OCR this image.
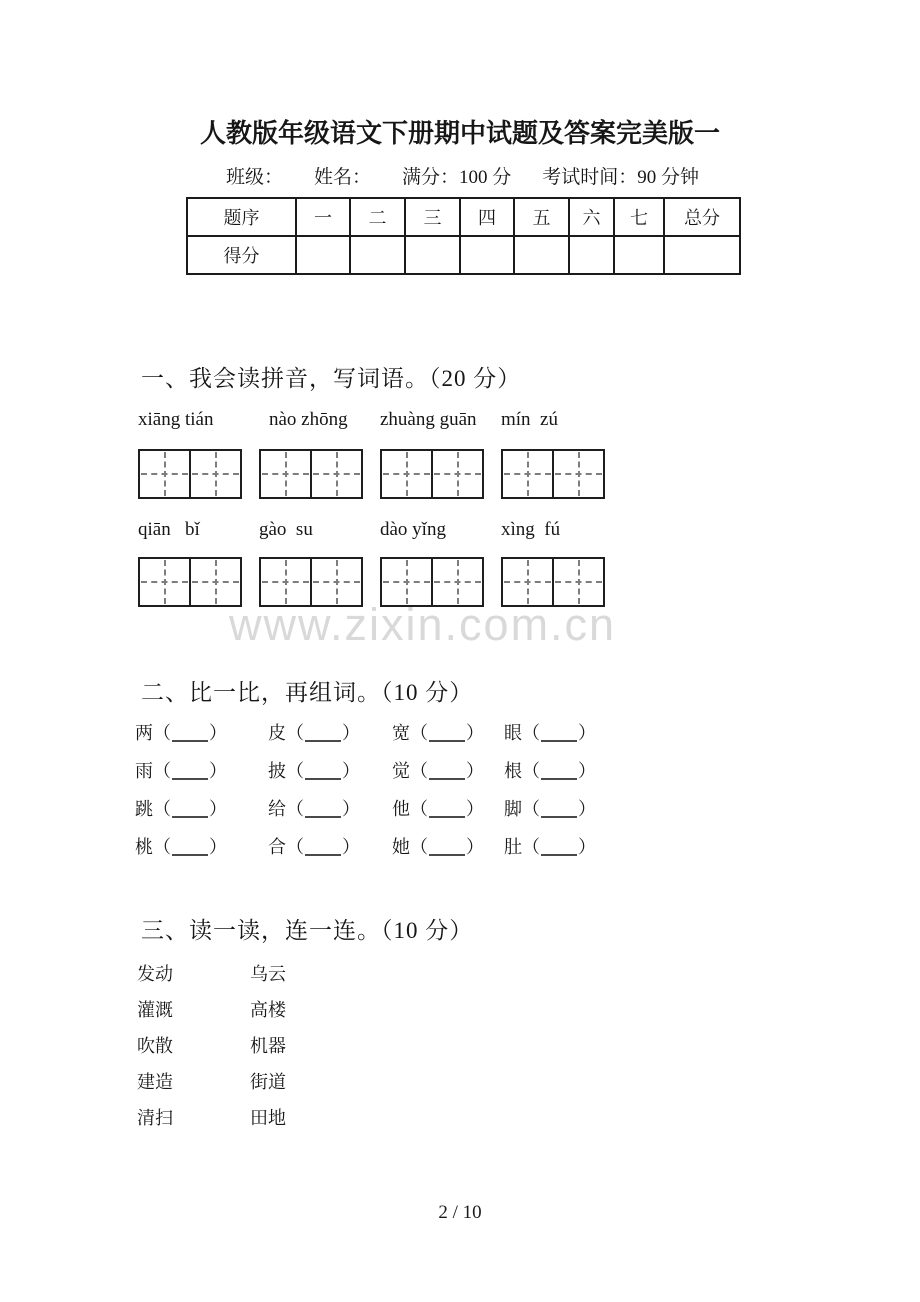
人教版年级语文下册期中试题及答案完美版一
班级： 姓名： 满分：100 分 考试时间：90 分钟
题序	一	二	三	四	五	六	七	总分
得分								
一、我会读拼音，写词语。（20 分）
xiāng tián	nào zhōng	zhuàng guān	mín  zú
qiān   bǐ	gào  su	dào yǐng	xìng  fú
www.zixin.com.cn
二、比一比，再组词。（10 分）
两（ ）	皮（ ）	宽（ ）	眼（ ）
雨（ ）	披（ ）	觉（ ）	根（ ）
跳（ ）	给（ ）	他（ ）	脚（ ）
桃（ ）	合（ ）	她（ ）	肚（ ）
三、读一读，连一连。（10 分）
发动	乌云
灌溉	高楼
吹散	机器
建造	街道
清扫	田地
2 / 10
